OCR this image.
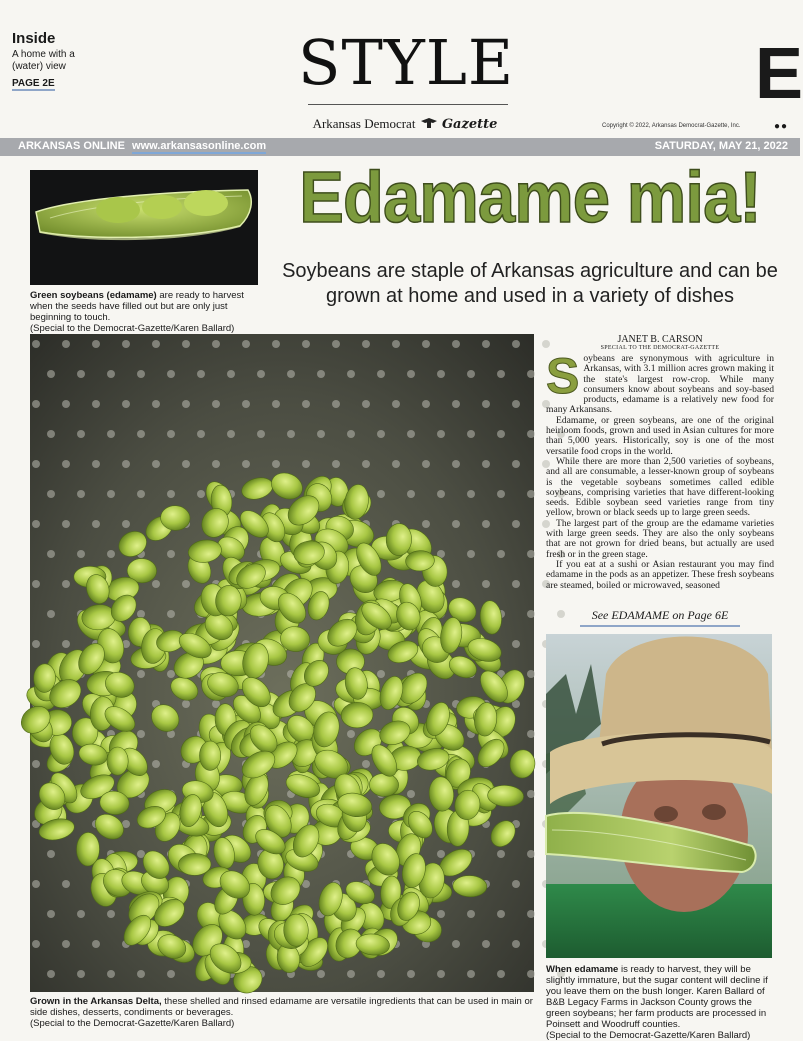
Inside
A home with a (water) view
PAGE 2E	STYLE
Arkansas Democrat Gazette	Copyright © 2022, Arkansas Democrat-Gazette, Inc.
E
●●
ARKANSAS ONLINE www.arkansasonline.com	SATURDAY, MAY 21, 2022
Green soybeans (edamame) are ready to harvest when the seeds have filled out but are only just beginning to touch.
(Special to the Democrat-Gazette/Karen Ballard)
Edamame mia!
Soybeans are staple of Arkansas agriculture and can be grown at home and used in a variety of dishes
Grown in the Arkansas Delta, these shelled and rinsed edamame are versatile ingredients that can be used in main or side dishes, desserts, condiments or beverages.
(Special to the Democrat-Gazette/Karen Ballard)
JANET B. CARSON
SPECIAL TO THE DEMOCRAT-GAZETTE

Soybeans are synonymous with agriculture in Arkansas, with 3.1 million acres grown making it the state's largest row-crop. While many consumers know about soybeans and soy-based products, edamame is a relatively new food for many Arkansans.

Edamame, or green soybeans, are one of the original heirloom foods, grown and used in Asian cultures for more than 5,000 years. Historically, soy is one of the most versatile food crops in the world.

While there are more than 2,500 varieties of soybeans, and all are consumable, a lesser-known group of soybeans is the vegetable soybeans sometimes called edible soybeans, comprising varieties that have different-looking seeds. Edible soybean seed varieties range from tiny yellow, brown or black seeds up to large green seeds.

The largest part of the group are the edamame varieties with large green seeds. They are also the only soybeans that are not grown for dried beans, but actually are used fresh or in the green stage.

If you eat at a sushi or Asian restaurant you may find edamame in the pods as an appetizer. These fresh soybeans are steamed, boiled or microwaved, seasoned

See EDAMAME on Page 6E
When edamame is ready to harvest, they will be slightly immature, but the sugar content will decline if you leave them on the bush longer. Karen Ballard of B&B Legacy Farms in Jackson County grows the green soybeans; her farm products are processed in Poinsett and Woodruff counties.
(Special to the Democrat-Gazette/Karen Ballard)
